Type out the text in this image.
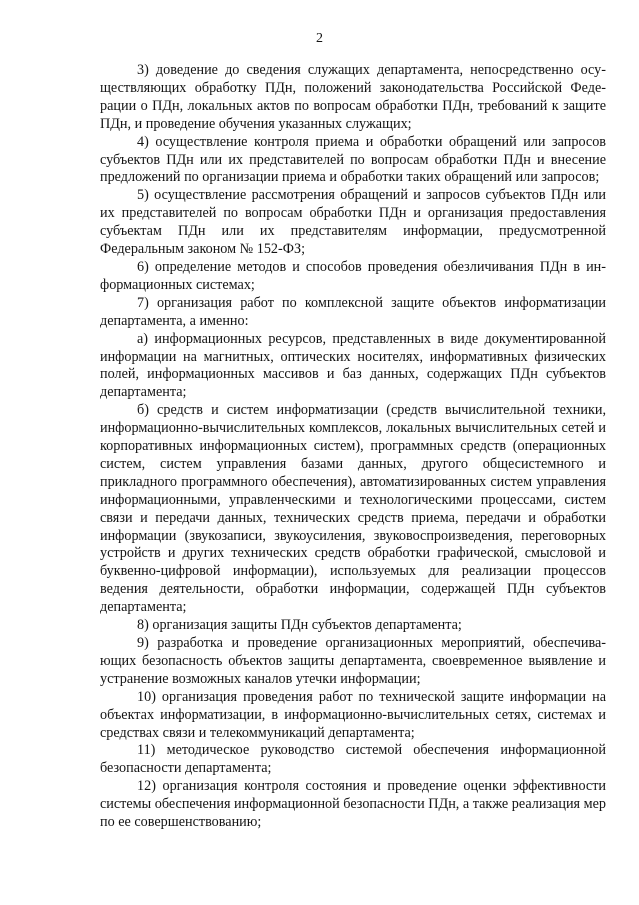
2

3) доведение до сведения служащих департамента, непосредственно осуществляющих обработку ПДн, положений законодательства Российской Федерации о ПДн, локальных актов по вопросам обработки ПДн, требований к защите ПДн, и проведение обучения указанных служащих;

4) осуществление контроля приема и обработки обращений или запросов субъектов ПДн или их представителей по вопросам обработки ПДн и внесение предложений по организации приема и обработки таких обращений или запросов;

5) осуществление рассмотрения обращений и запросов субъектов ПДн или их представителей по вопросам обработки ПДн и организация предоставления субъектам ПДн или их представителям информации, предусмотренной Федеральным законом № 152-ФЗ;

6) определение методов и способов проведения обезличивания ПДн в информационных системах;

7) организация работ по комплексной защите объектов информатизации департамента, а именно:

а) информационных ресурсов, представленных в виде документированной информации на магнитных, оптических носителях, информативных физических полей, информационных массивов и баз данных, содержащих ПДн субъектов департамента;

б) средств и систем информатизации (средств вычислительной техники, информационно-вычислительных комплексов, локальных вычислительных сетей и корпоративных информационных систем), программных средств (операционных систем, систем управления базами данных, другого общесистемного и прикладного программного обеспечения), автоматизированных систем управления информационными, управленческими и технологическими процессами, систем связи и передачи данных, технических средств приема, передачи и обработки информации (звукозаписи, звукоусиления, звуковоспроизведения, переговорных устройств и других технических средств обработки графической, смысловой и буквенно-цифровой информации), используемых для реализации процессов ведения деятельности, обработки информации, содержащей ПДн субъектов департамента;

8) организация защиты ПДн субъектов департамента;

9) разработка и проведение организационных мероприятий, обеспечивающих безопасность объектов защиты департамента, своевременное выявление и устранение возможных каналов утечки информации;

10) организация проведения работ по технической защите информации на объектах информатизации, в информационно-вычислительных сетях, системах и средствах связи и телекоммуникаций департамента;

11) методическое руководство системой обеспечения информационной безопасности департамента;

12) организация контроля состояния и проведение оценки эффективности системы обеспечения информационной безопасности ПДн, а также реализация мер по ее совершенствованию;
